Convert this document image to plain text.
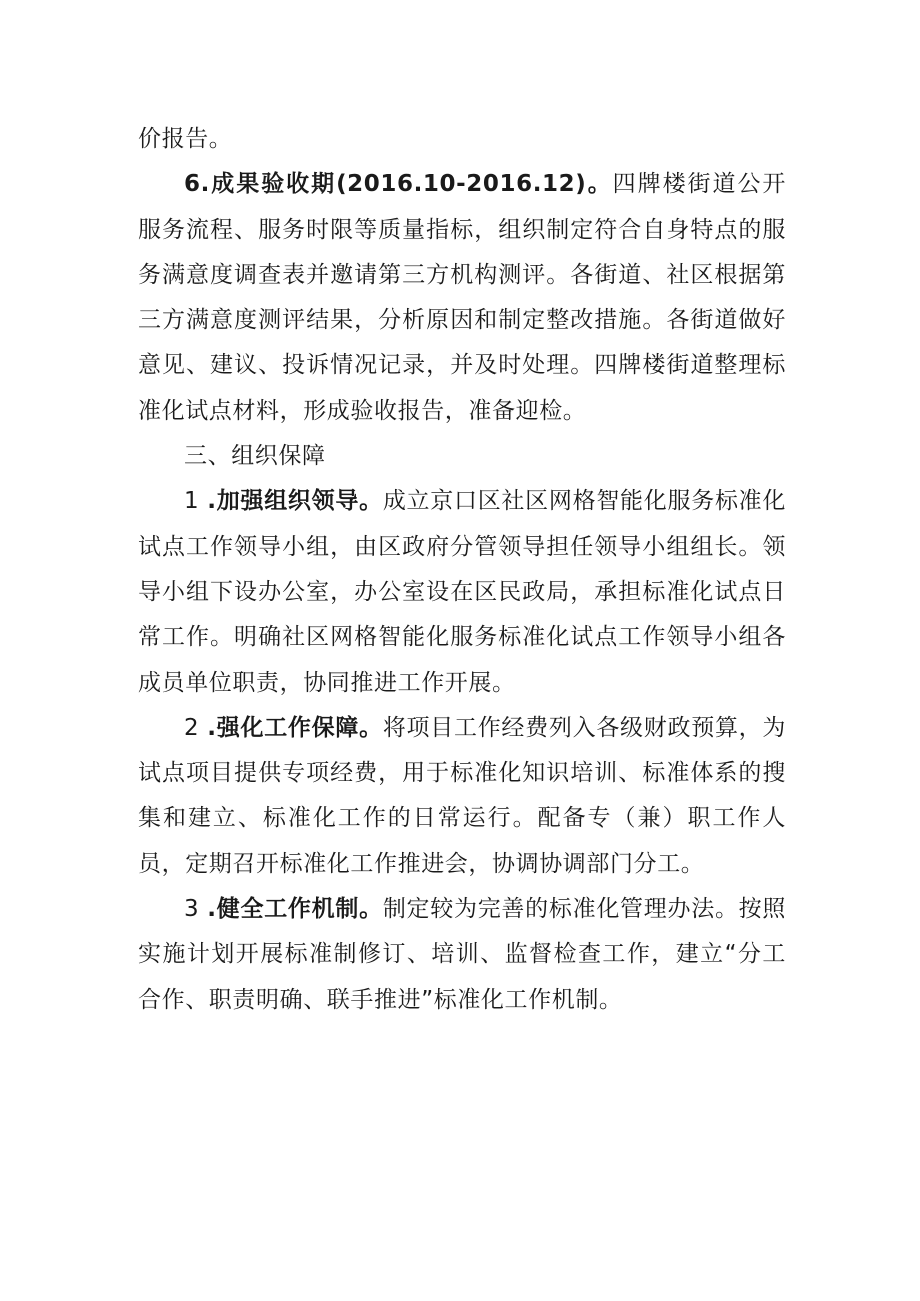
价报告。

6.成果验收期(2016.10-2016.12)。四牌楼街道公开服务流程、服务时限等质量指标，组织制定符合自身特点的服务满意度调查表并邀请第三方机构测评。各街道、社区根据第三方满意度测评结果，分析原因和制定整改措施。各街道做好意见、建议、投诉情况记录，并及时处理。四牌楼街道整理标准化试点材料，形成验收报告，准备迎检。

三、组织保障

1 .加强组织领导。成立京口区社区网格智能化服务标准化试点工作领导小组，由区政府分管领导担任领导小组组长。领导小组下设办公室，办公室设在区民政局，承担标准化试点日常工作。明确社区网格智能化服务标准化试点工作领导小组各成员单位职责，协同推进工作开展。

2 .强化工作保障。将项目工作经费列入各级财政预算，为试点项目提供专项经费，用于标准化知识培训、标准体系的搜集和建立、标准化工作的日常运行。配备专（兼）职工作人员，定期召开标准化工作推进会，协调协调部门分工。

3 .健全工作机制。制定较为完善的标准化管理办法。按照实施计划开展标准制修订、培训、监督检查工作，建立“分工合作、职责明确、联手推进”标准化工作机制。
